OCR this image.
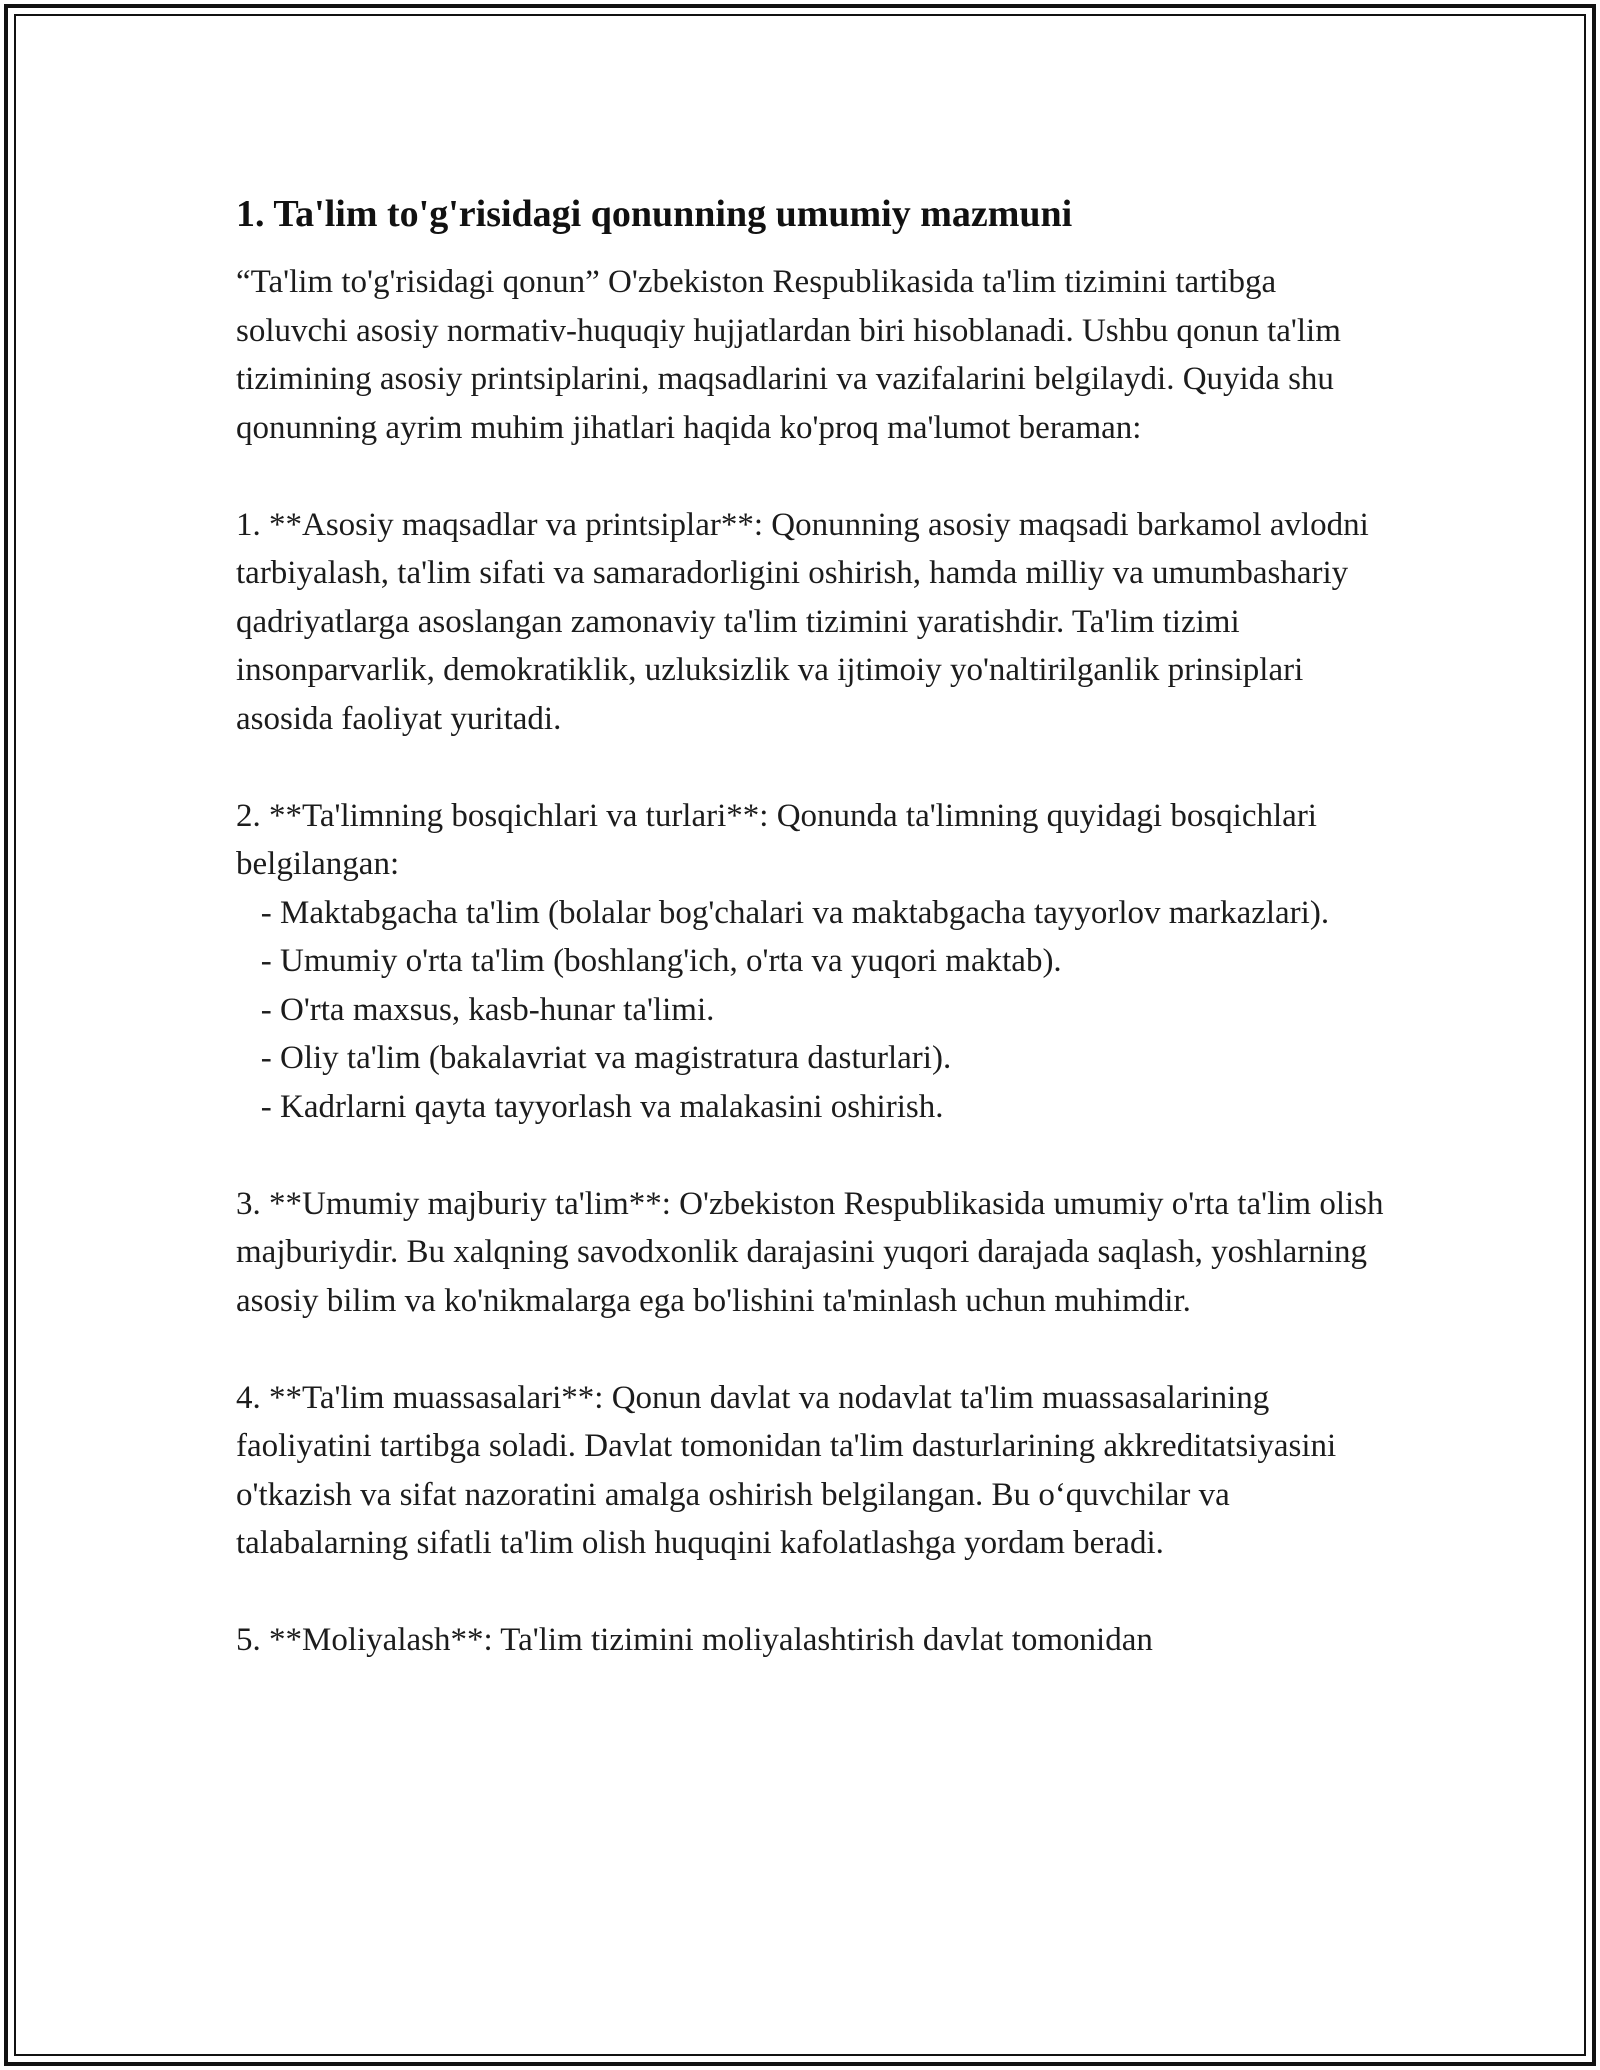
1. Ta'lim to'g'risidagi qonunning umumiy mazmuni

“Ta'lim to'g'risidagi qonun” O'zbekiston Respublikasida ta'lim tizimini tartibga soluvchi asosiy normativ-huquqiy hujjatlardan biri hisoblanadi. Ushbu qonun ta'lim tizimining asosiy printsiplarini, maqsadlarini va vazifalarini belgilaydi. Quyida shu qonunning ayrim muhim jihatlari haqida ko'proq ma'lumot beraman:

1. **Asosiy maqsadlar va printsiplar**: Qonunning asosiy maqsadi barkamol avlodni tarbiyalash, ta'lim sifati va samaradorligini oshirish, hamda milliy va umumbashariy qadriyatlarga asoslangan zamonaviy ta'lim tizimini yaratishdir. Ta'lim tizimi insonparvarlik, demokratiklik, uzluksizlik va ijtimoiy yo'naltirilganlik prinsiplari asosida faoliyat yuritadi.

2. **Ta'limning bosqichlari va turlari**: Qonunda ta'limning quyidagi bosqichlari belgilangan:
- Maktabgacha ta'lim (bolalar bog'chalari va maktabgacha tayyorlov markazlari).
- Umumiy o'rta ta'lim (boshlang'ich, o'rta va yuqori maktab).
- O'rta maxsus, kasb-hunar ta'limi.
- Oliy ta'lim (bakalavriat va magistratura dasturlari).
- Kadrlarni qayta tayyorlash va malakasini oshirish.

3. **Umumiy majburiy ta'lim**: O'zbekiston Respublikasida umumiy o'rta ta'lim olish majburiydir. Bu xalqning savodxonlik darajasini yuqori darajada saqlash, yoshlarning asosiy bilim va ko'nikmalarga ega bo'lishini ta'minlash uchun muhimdir.

4. **Ta'lim muassasalari**: Qonun davlat va nodavlat ta'lim muassasalarining faoliyatini tartibga soladi. Davlat tomonidan ta'lim dasturlarining akkreditatsiyasini o'tkazish va sifat nazoratini amalga oshirish belgilangan. Bu o‘quvchilar va talabalarning sifatli ta'lim olish huquqini kafolatlashga yordam beradi.

5. **Moliyalash**: Ta'lim tizimini moliyalashtirish davlat tomonidan
